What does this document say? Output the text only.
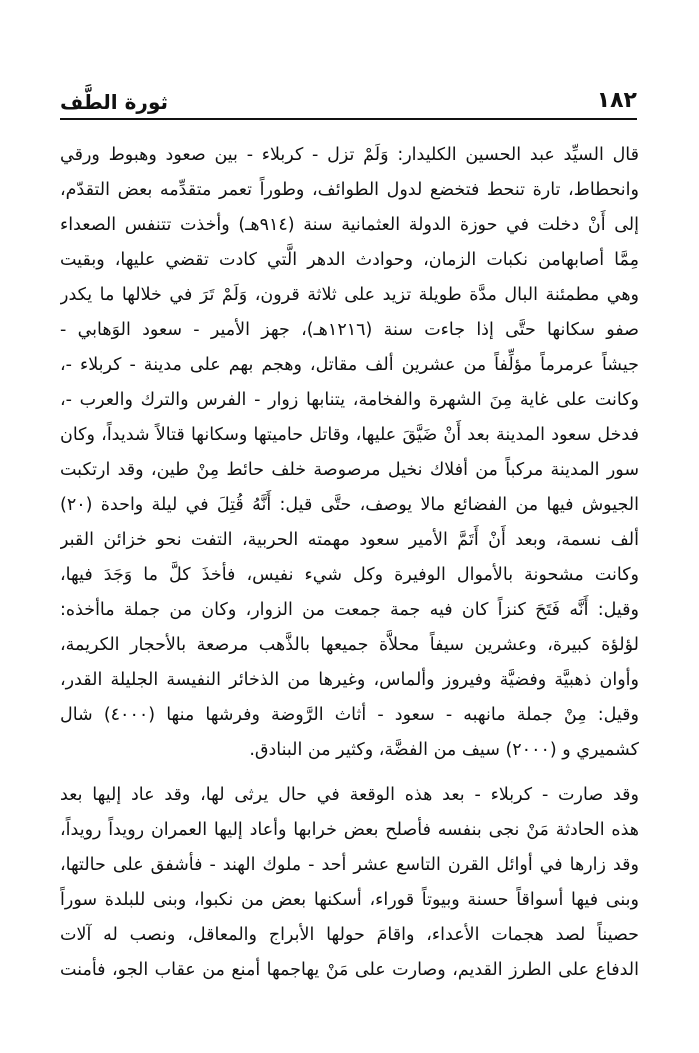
١٨٢
ثورة الطَّف

قال السيِّد عبد الحسين الكليدار: وَلَمْ تزل - كربلاء - بين صعود وهبوط ورقي
وانحطاط، تارة تنحط فتخضع لدول الطوائف، وطوراً تعمر متقدِّمه بعض التقدّم،
إلى أَنْ دخلت في حوزة الدولة العثمانية سنة (٩١٤هـ) وأخذت تتنفس الصعداء
مِمَّا أصابهامن نكبات الزمان، وحوادث الدهر الَّتي كادت تقضي عليها، وبقيت
وهي مطمئنة البال مدَّة طويلة تزيد على ثلاثة قرون، وَلَمْ تَرَ في خلالها ما يكدر
صفو سكانها حتَّى إذا جاءت سنة (١٢١٦هـ)، جهز الأمير - سعود الوَهابي -
جيشاً عرمرماً مؤلِّفاً من عشرين ألف مقاتل، وهجم بهم على مدينة - كربلاء -،
وكانت على غاية مِنَ الشهرة والفخامة، يتنابها زوار - الفرس والترك والعرب -،
فدخل سعود المدينة بعد أَنْ ضَيَّقَ عليها، وقاتل حاميتها وسكانها قتالاً شديداً، وكان
سور المدينة مركباً من أفلاك نخيل مرصوصة خلف حائط مِنْ طين، وقد ارتكبت
الجيوش فيها من الفضائع مالا يوصف، حتَّى قيل: أَنَّهُ قُتِلَ في ليلة واحدة (٢٠)
ألف نسمة، وبعد أَنْ أَتَمَّ الأمير سعود مهمته الحربية، التفت نحو خزائن القبر
وكانت مشحونة بالأموال الوفيرة وكل شيء نفيس، فأخذَ كلَّ ما وَجَدَ فيها،
وقيل: أَنَّه فَتَحَ كنزاً كان فيه جمة جمعت من الزوار، وكان من جملة ماأخذه:
لؤلؤة كبيرة، وعشرين سيفاً محلاَّة جميعها بالذَّهب مرصعة بالأحجار الكريمة،
وأوان ذهبيَّة وفضيَّة وفيروز وألماس، وغيرها من الذخائر النفيسة الجليلة القدر،
وقيل: مِنْ جملة مانهبه - سعود - أثاث الرَّوضة وفرشها منها (٤٠٠٠) شال
كشميري و (٢٠٠٠) سيف من الفضَّة، وكثير من البنادق.

وقد صارت - كربلاء - بعد هذه الوقعة في حال يرثى لها، وقد عاد إليها بعد
هذه الحادثة مَنْ نجى بنفسه فأصلح بعض خرابها وأعاد إليها العمران رويداً رويداً،
وقد زارها في أوائل القرن التاسع عشر أحد - ملوك الهند - فأشفق على حالتها،
وبنى فيها أسواقاً حسنة وبيوتاً قوراء، أسكنها بعض من نكبوا، وبنى للبلدة سوراً
حصيناً لصد هجمات الأعداء، واقامَ حولها الأبراج والمعاقل، ونصب له آلات
الدفاع على الطرز القديم، وصارت على مَنْ يهاجمها أمنع من عقاب الجو، فأمنت
